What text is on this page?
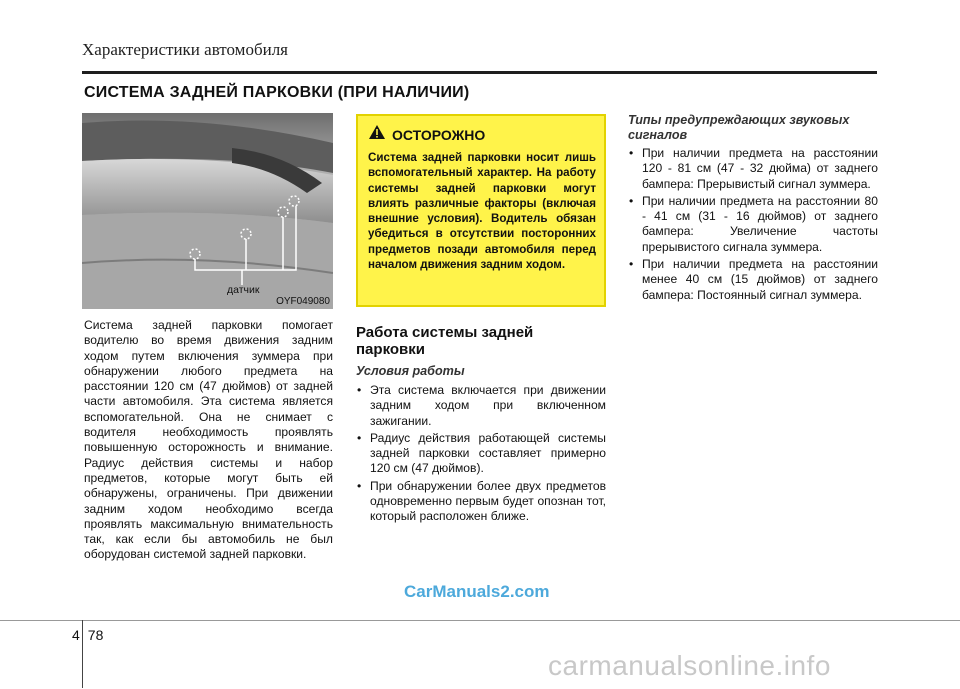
Характеристики автомобиля
СИСТЕМА ЗАДНЕЙ ПАРКОВКИ (ПРИ НАЛИЧИИ)
датчик
OYF049080
Система задней парковки помогает водителю во время движения задним ходом путем включения зуммера при обнаружении любого предмета на расстоянии 120 см (47 дюймов) от задней части автомобиля. Эта система является вспомогательной. Она не снимает с водителя необходимость проявлять повышенную осторожность и внимание. Радиус действия системы и набор предметов, которые могут быть ей обнаружены, ограничены. При движении задним ходом необходимо всегда проявлять максимальную внимательность так, как если бы автомобиль не был оборудован системой задней парковки.
ОСТОРОЖНО
Система задней парковки носит лишь вспомогательный характер. На работу системы задней парковки могут влиять различные факторы (включая внешние условия). Водитель обязан убедиться в отсутствии посторонних предметов позади автомобиля перед началом движения задним ходом.
Работа системы задней парковки
Условия работы
• Эта система включается при движении задним ходом при включенном зажигании.
• Радиус действия работающей системы задней парковки составляет примерно 120 см (47 дюймов).
• При обнаружении более двух предметов одновременно первым будет опознан тот, который расположен ближе.
Типы предупреждающих звуковых сигналов
• При наличии предмета на расстоянии 120 - 81 см (47 - 32 дюйма) от заднего бампера: Прерывистый сигнал зуммера.
• При наличии предмета на расстоянии 80 - 41 см (31 - 16 дюймов) от заднего бампера: Увеличение частоты прерывистого сигнала зуммера.
• При наличии предмета на расстоянии менее 40 см (15 дюймов) от заднего бампера: Постоянный сигнал зуммера.
CarManuals2.com
4 78
carmanualsonline.info
